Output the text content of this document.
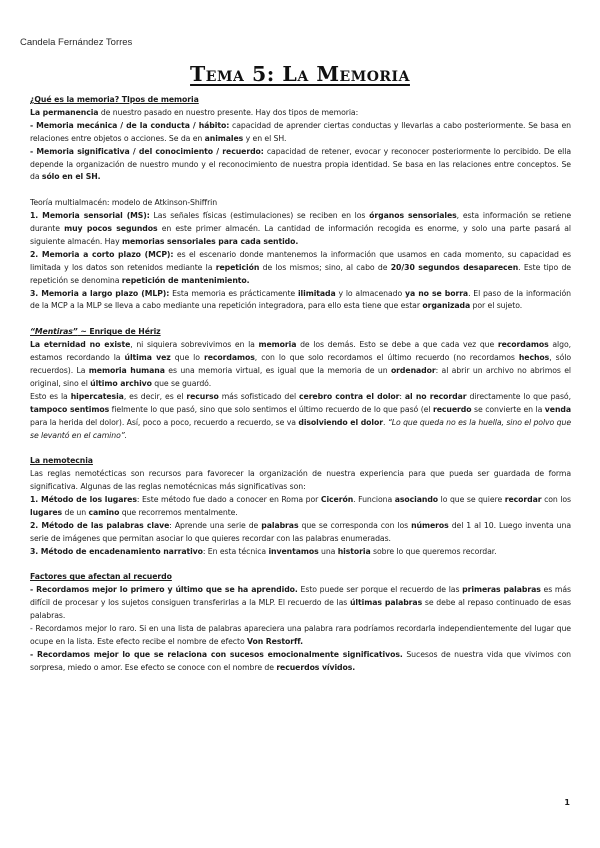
Candela Fernández Torres
Tema 5: La Memoria

¿Qué es la memoria? TIpos de memoria

La permanencia de nuestro pasado en nuestro presente. Hay dos tipos de memoria:

- Memoria mecánica / de la conducta / hábito: capacidad de aprender ciertas conductas y llevarlas a cabo posteriormente. Se basa en relaciones entre objetos o acciones. Se da en animales y en el SH.

- Memoria significativa / del conocimiento / recuerdo: capacidad de retener, evocar y reconocer posteriormente lo percibido. De ella depende la organización de nuestro mundo y el reconocimiento de nuestra propia identidad. Se basa en las relaciones entre conceptos. Se da sólo en el SH.

Teoría multialmacén: modelo de Atkinson-Shiffrin

1. Memoria sensorial (MS): Las señales físicas (estimulaciones) se reciben en los órganos sensoriales, esta información se retiene durante muy pocos segundos en este primer almacén. La cantidad de información recogida es enorme, y solo una parte pasará al siguiente almacén. Hay memorias sensoriales para cada sentido.

2. Memoria a corto plazo (MCP): es el escenario donde mantenemos la información que usamos en cada momento, su capacidad es limitada y los datos son retenidos mediante la repetición de los mismos; sino, al cabo de 20/30 segundos desaparecen. Este tipo de repetición se denomina repetición de mantenimiento.

3. Memoria a largo plazo (MLP): Esta memoria es prácticamente ilimitada y lo almacenado ya no se borra. El paso de la información de la MCP a la MLP se lleva a cabo mediante una repetición integradora, para ello esta tiene que estar organizada por el sujeto.

“Mentiras” ~ Enrique de Hériz

La eternidad no existe, ni siquiera sobrevivimos en la memoria de los demás. Esto se debe a que cada vez que recordamos algo, estamos recordando la última vez que lo recordamos, con lo que solo recordamos el último recuerdo (no recordamos hechos, sólo recuerdos). La memoria humana es una memoria virtual, es igual que la memoria de un ordenador: al abrir un archivo no abrimos el original, sino el último archivo que se guardó.

Esto es la hipercatesia, es decir, es el recurso más sofisticado del cerebro contra el dolor: al no recordar directamente lo que pasó, tampoco sentimos fielmente lo que pasó, sino que solo sentimos el último recuerdo de lo que pasó (el recuerdo se convierte en la venda para la herida del dolor). Así, poco a poco, recuerdo a recuerdo, se va disolviendo el dolor. “Lo que queda no es la huella, sino el polvo que se levantó en el camino”.

La nemotecnia

Las reglas nemotécticas son recursos para favorecer la organización de nuestra experiencia para que pueda ser guardada de forma significativa. Algunas de las reglas nemotécnicas más significativas son:

1. Método de los lugares: Este método fue dado a conocer en Roma por Cicerón. Funciona asociando lo que se quiere recordar con los lugares de un camino que recorremos mentalmente.

2. Método de las palabras clave: Aprende una serie de palabras que se corresponda con los números del 1 al 10. Luego inventa una serie de imágenes que permitan asociar lo que quieres recordar con las palabras enumeradas.

3. Método de encadenamiento narrativo: En esta técnica inventamos una historia sobre lo que queremos recordar.

Factores que afectan al recuerdo

- Recordamos mejor lo primero y último que se ha aprendido. Esto puede ser porque el recuerdo de las primeras palabras es más difícil de procesar y los sujetos consiguen transferirlas a la MLP. El recuerdo de las últimas palabras se debe al repaso continuado de esas palabras.

- Recordamos mejor lo raro. Si en una lista de palabras apareciera una palabra rara podríamos recordarla independientemente del lugar que ocupe en la lista. Este efecto recibe el nombre de efecto Von Restorff.

- Recordamos mejor lo que se relaciona con sucesos emocionalmente significativos. Sucesos de nuestra vida que vivimos con sorpresa, miedo o amor. Ese efecto se conoce con el nombre de recuerdos vívidos.

1
